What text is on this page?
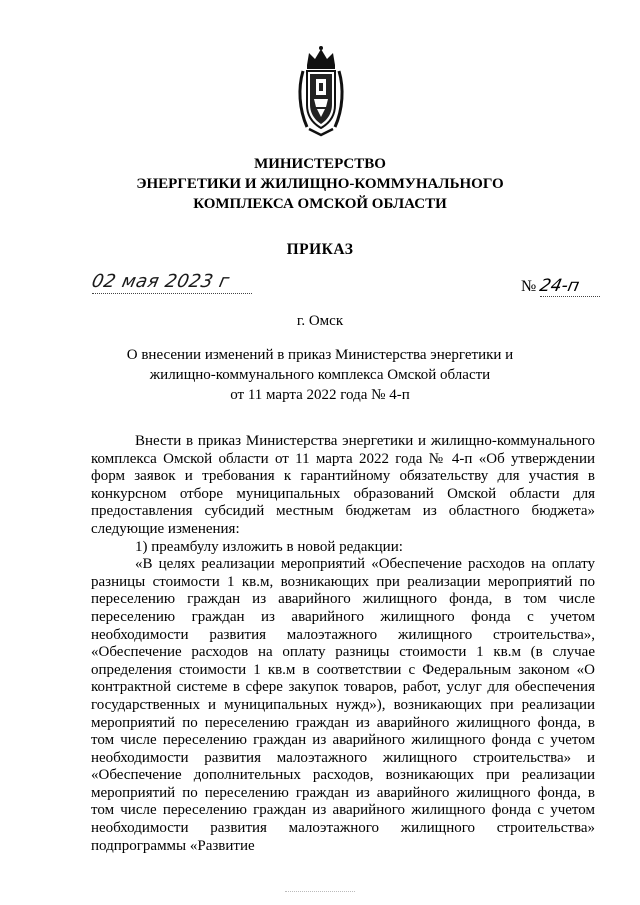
МИНИСТЕРСТВО
ЭНЕРГЕТИКИ И ЖИЛИЩНО-КОММУНАЛЬНОГО
КОМПЛЕКСА ОМСКОЙ ОБЛАСТИ
ПРИКАЗ
02 мая 2023 г	№ 24-п
г. Омск
О внесении изменений в приказ Министерства энергетики и
жилищно-коммунального комплекса Омской области
от 11 марта 2022 года № 4-п

Внести в приказ Министерства энергетики и жилищно-коммунального комплекса Омской области от 11 марта 2022 года № 4-п «Об утверждении форм заявок и требования к гарантийному обязательству для участия в конкурсном отборе муниципальных образований Омской области для предоставления субсидий местным бюджетам из областного бюджета» следующие изменения:

1) преамбулу изложить в новой редакции:

«В целях реализации мероприятий «Обеспечение расходов на оплату разницы стоимости 1 кв.м, возникающих при реализации мероприятий по переселению граждан из аварийного жилищного фонда, в том числе переселению граждан из аварийного жилищного фонда с учетом необходимости развития малоэтажного жилищного строительства», «Обеспечение расходов на оплату разницы стоимости 1 кв.м (в случае определения стоимости 1 кв.м в соответствии с Федеральным законом «О контрактной системе в сфере закупок товаров, работ, услуг для обеспечения государственных и муниципальных нужд»), возникающих при реализации мероприятий по переселению граждан из аварийного жилищного фонда, в том числе переселению граждан из аварийного жилищного фонда с учетом необходимости развития малоэтажного жилищного строительства» и «Обеспечение дополнительных расходов, возникающих при реализации мероприятий по переселению граждан из аварийного жилищного фонда, в том числе переселению граждан из аварийного жилищного фонда с учетом необходимости развития малоэтажного жилищного строительства» подпрограммы «Развитие
